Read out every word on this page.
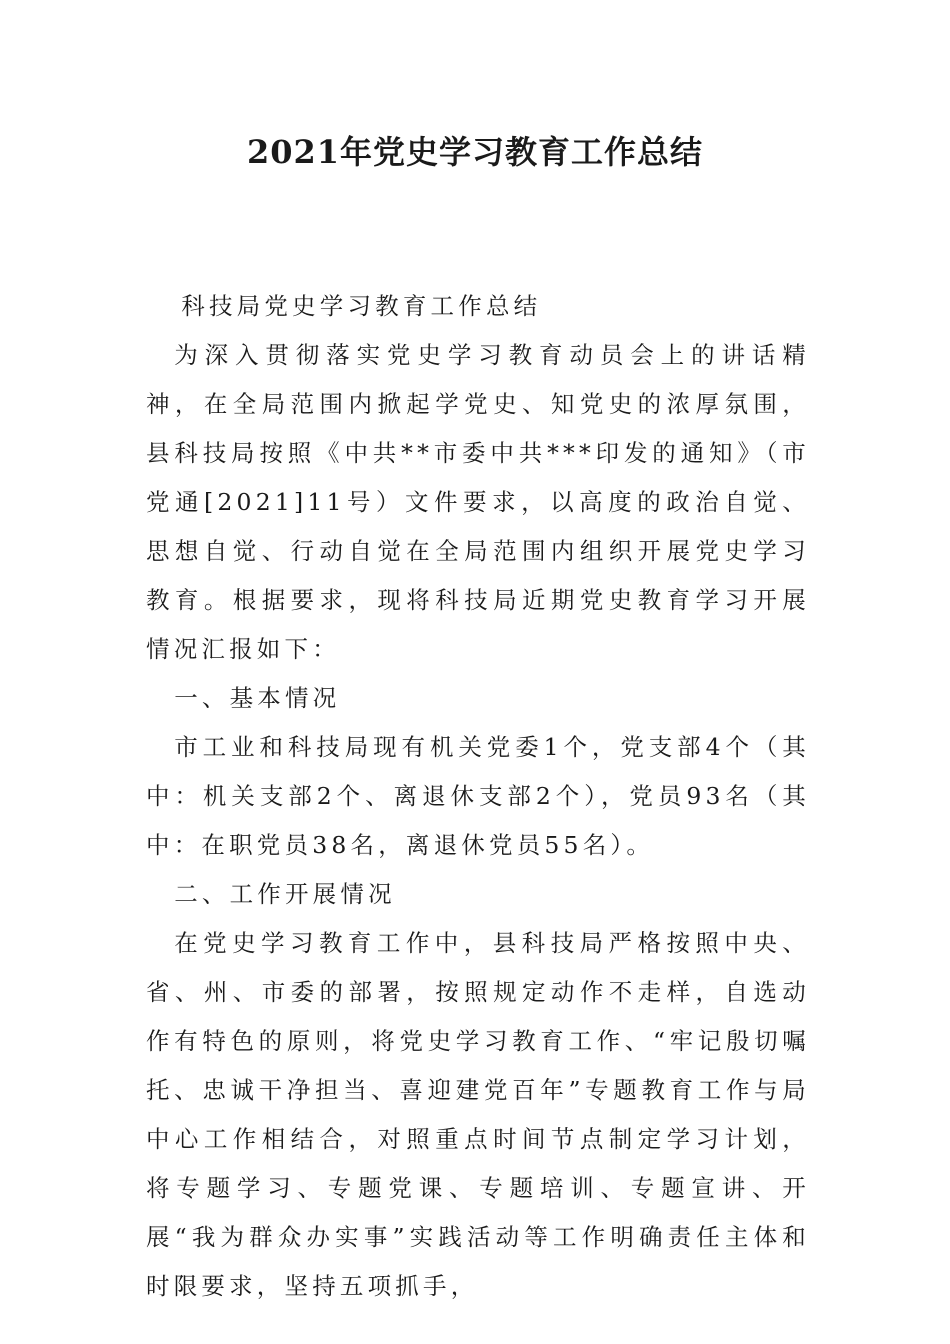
2021年党史学习教育工作总结

科技局党史学习教育工作总结

为深入贯彻落实党史学习教育动员会上的讲话精神，在全局范围内掀起学党史、知党史的浓厚氛围，县科技局按照《中共**市委中共***印发的通知》（市党通[2021]11号）文件要求，以高度的政治自觉、思想自觉、行动自觉在全局范围内组织开展党史学习教育。根据要求，现将科技局近期党史教育学习开展情况汇报如下：

一、基本情况

市工业和科技局现有机关党委1个，党支部4个（其中：机关支部2个、离退休支部2个），党员93名（其中：在职党员38名，离退休党员55名）。

二、工作开展情况

在党史学习教育工作中，县科技局严格按照中央、省、州、市委的部署，按照规定动作不走样，自选动作有特色的原则，将党史学习教育工作、“牢记殷切嘱托、忠诚干净担当、喜迎建党百年”专题教育工作与局中心工作相结合，对照重点时间节点制定学习计划，将专题学习、专题党课、专题培训、专题宣讲、开展“我为群众办实事”实践活动等工作明确责任主体和时限要求，坚持五项抓手，
